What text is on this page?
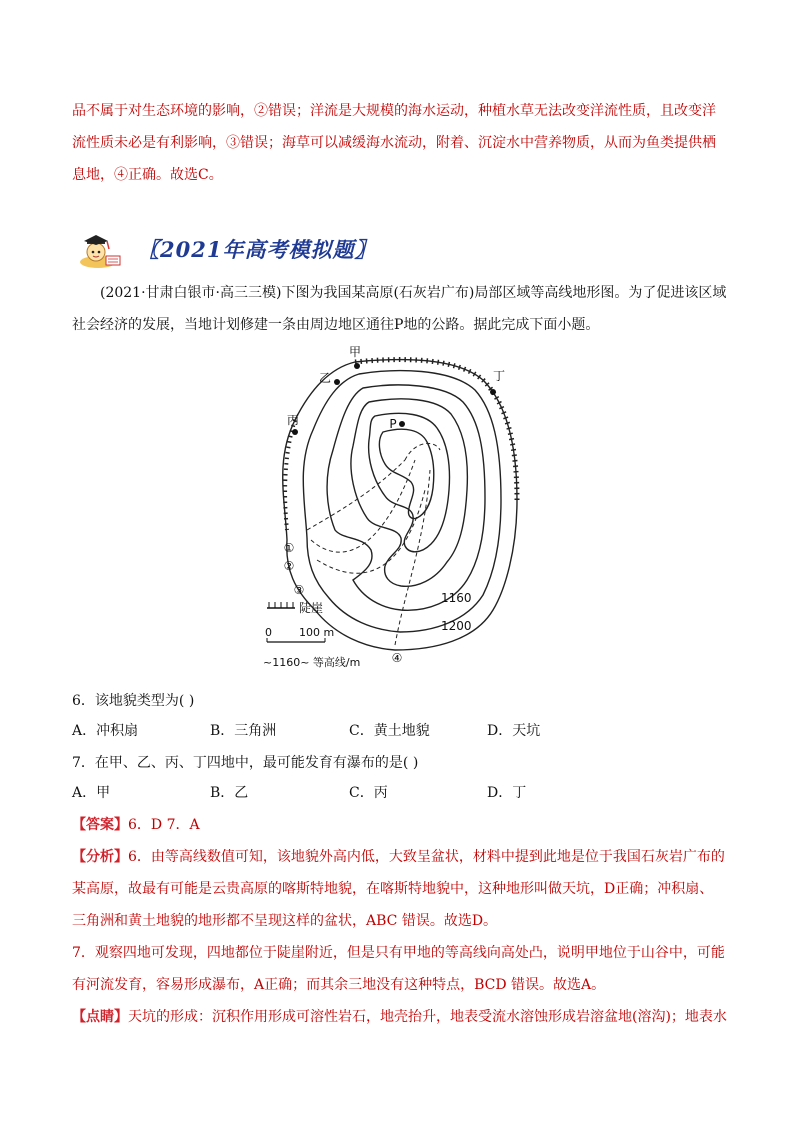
品不属于对生态环境的影响，②错误；洋流是大规模的海水运动，种植水草无法改变洋流性质，且改变洋
流性质未必是有利影响，③错误；海草可以减缓海水流动，附着、沉淀水中营养物质，从而为鱼类提供栖
息地，④正确。故选C。
〖2021年高考模拟题〗
(2021·甘肃白银市·高三三模)下图为我国某高原(石灰岩广布)局部区域等高线地形图。为了促进该区域
社会经济的发展，当地计划修建一条由周边地区通往P地的公路。据此完成下面小题。
甲
乙
丙
丁
P
①
②
③
④
1160
1200
陡崖
0 100 m
~1160~ 等高线/m
6．该地貌类型为( )
A．冲积扇	B．三角洲	C．黄土地貌	D．天坑
7．在甲、乙、丙、丁四地中，最可能发育有瀑布的是( )
A．甲	B．乙	C．丙	D．丁
【答案】6．D 7．A
【分析】6．由等高线数值可知，该地貌外高内低，大致呈盆状，材料中提到此地是位于我国石灰岩广布的
某高原，故最有可能是云贵高原的喀斯特地貌，在喀斯特地貌中，这种地形叫做天坑，D正确；冲积扇、
三角洲和黄土地貌的地形都不呈现这样的盆状，ABC 错误。故选D。
7．观察四地可发现，四地都位于陡崖附近，但是只有甲地的等高线向高处凸，说明甲地位于山谷中，可能
有河流发育，容易形成瀑布，A正确；而其余三地没有这种特点，BCD 错误。故选A。
【点睛】天坑的形成：沉积作用形成可溶性岩石，地壳抬升，地表受流水溶蚀形成岩溶盆地(溶沟)；地表水
